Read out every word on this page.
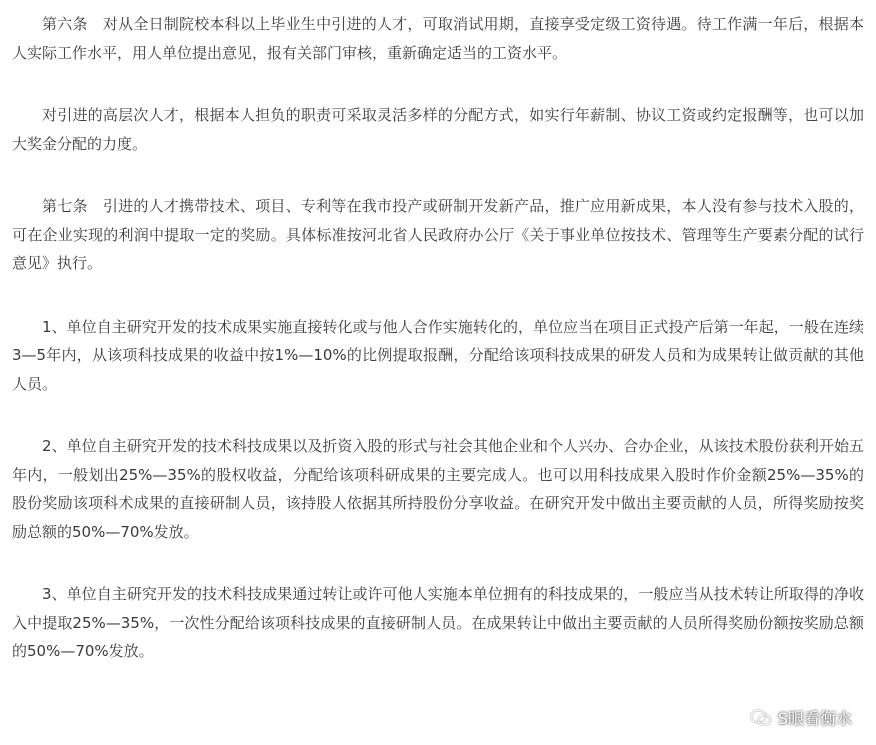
第六条　对从全日制院校本科以上毕业生中引进的人才，可取消试用期，直接享受定级工资待遇。待工作满一年后，根据本人实际工作水平，用人单位提出意见，报有关部门审核，重新确定适当的工资水平。

对引进的高层次人才，根据本人担负的职责可采取灵活多样的分配方式，如实行年薪制、协议工资或约定报酬等，也可以加大奖金分配的力度。

第七条　引进的人才携带技术、项目、专利等在我市投产或研制开发新产品，推广应用新成果，本人没有参与技术入股的，可在企业实现的利润中提取一定的奖励。具体标准按河北省人民政府办公厅《关于事业单位按技术、管理等生产要素分配的试行意见》执行。

1、单位自主研究开发的技术成果实施直接转化或与他人合作实施转化的，单位应当在项目正式投产后第一年起，一般在连续3—5年内，从该项科技成果的收益中按1%—10%的比例提取报酬，分配给该项科技成果的研发人员和为成果转让做贡献的其他人员。

2、单位自主研究开发的技术科技成果以及折资入股的形式与社会其他企业和个人兴办、合办企业，从该技术股份获利开始五年内，一般划出25%—35%的股权收益，分配给该项科研成果的主要完成人。也可以用科技成果入股时作价金额25%—35%的股份奖励该项科术成果的直接研制人员，该持股人依据其所持股份分享收益。在研究开发中做出主要贡献的人员，所得奖励按奖励总额的50%—70%发放。

3、单位自主研究开发的技术科技成果通过转让或许可他人实施本单位拥有的科技成果的，一般应当从技术转让所取得的净收入中提取25%—35%，一次性分配给该项科技成果的直接研制人员。在成果转让中做出主要贡献的人员所得奖励份额按奖励总额的50%—70%发放。

S眼看衡水
